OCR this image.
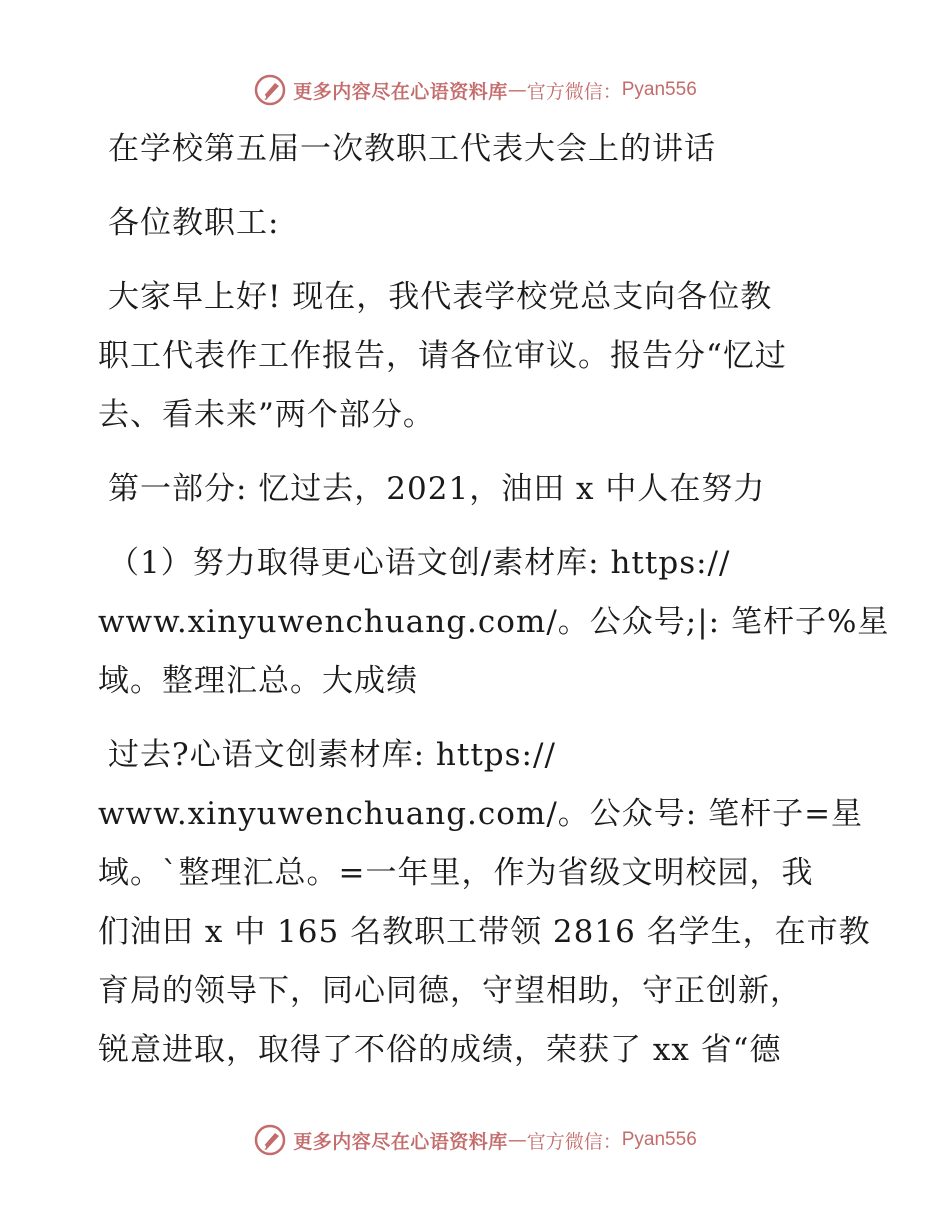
更多内容尽在心语资料库 — 官方微信： Pyan556
在学校第五届一次教职工代表大会上的讲话
各位教职工:
大家早上好! 现在，我代表学校党总支向各位教
职工代表作工作报告，请各位审议。报告分“忆过
去、看未来”两个部分。
第一部分: 忆过去，2021，油田 x 中人在努力
（1）努力取得更心语文创/素材库: https://
www.xinyuwenchuang.com/。公众号;|: 笔杆子%星
域。整理汇总。大成绩
过去?心语文创素材库: https://
www.xinyuwenchuang.com/。公众号: 笔杆子=星
域。`整理汇总。=一年里，作为省级文明校园，我
们油田 x 中 165 名教职工带领 2816 名学生，在市教
育局的领导下，同心同德，守望相助，守正创新，
锐意进取，取得了不俗的成绩，荣获了 xx 省“德
更多内容尽在心语资料库 — 官方微信： Pyan556
